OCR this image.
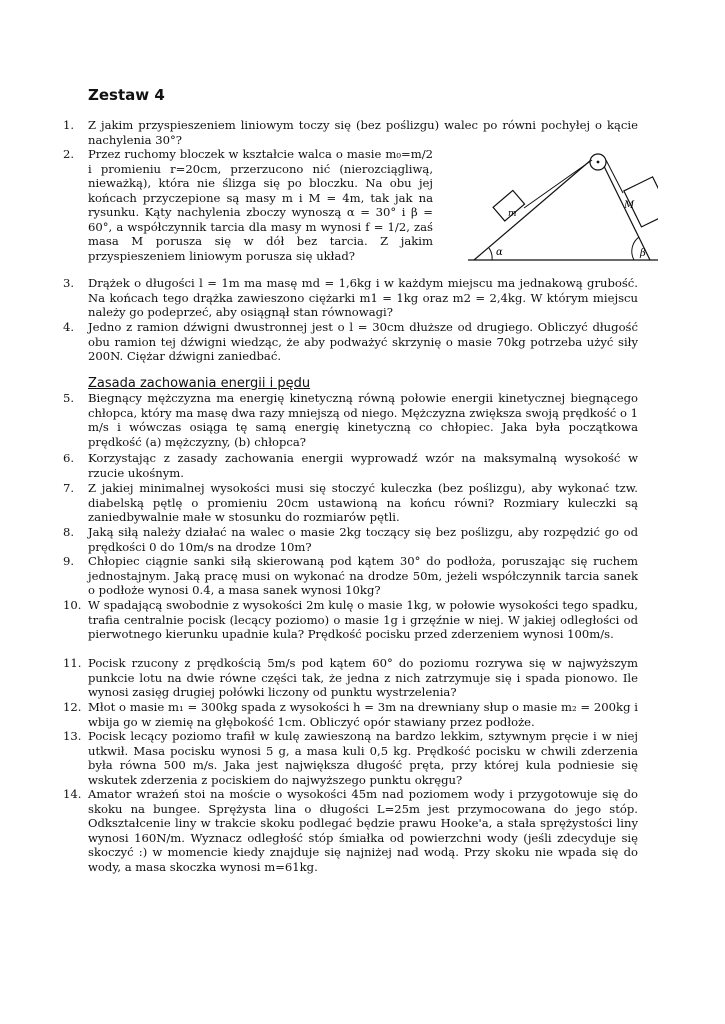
Zestaw 4
1.	Z jakim przyspieszeniem liniowym toczy się (bez poślizgu) walec po równi pochyłej o kącie nachylenia 30°?
2.	Przez ruchomy bloczek w kształcie walca o masie m₀=m/2 i promieniu r=20cm, przerzucono nić (nierozciągliwą, nieważką), która nie ślizga się po bloczku. Na obu jej końcach przyczepione są masy m i M = 4m, tak jak na rysunku. Kąty nachylenia zboczy wynoszą α = 30° i β = 60°, a współczynnik tarcia dla masy m wynosi f = 1/2, zaś masa M porusza się w dół bez tarcia. Z jakim przyspieszeniem liniowym porusza się układ?
m
M
α	β
3.	Drążek o długości l = 1m ma masę md = 1,6kg i w każdym miejscu ma jednakową grubość. Na końcach tego drążka zawieszono ciężarki m1 = 1kg oraz m2 = 2,4kg. W którym miejscu należy go podeprzeć, aby osiągnął stan równowagi?
4.	Jedno z ramion dźwigni dwustronnej jest o l = 30cm dłuższe od drugiego. Obliczyć długość obu ramion tej dźwigni wiedząc, że aby podważyć skrzynię o masie 70kg potrzeba użyć siły 200N. Ciężar dźwigni zaniedbać.
Zasada zachowania energii i pędu
5.	Biegnący mężczyzna ma energię kinetyczną równą połowie energii kinetycznej biegnącego chłopca, który ma masę dwa razy mniejszą od niego. Mężczyzna zwiększa swoją prędkość o 1 m/s i wówczas osiąga tę samą energię kinetyczną co chłopiec. Jaka była początkowa prędkość (a) mężczyzny, (b) chłopca?
6.	Korzystając z zasady zachowania energii wyprowadź wzór na maksymalną wysokość w rzucie ukośnym.
7.	Z jakiej minimalnej wysokości musi się stoczyć kuleczka (bez poślizgu), aby wykonać tzw. diabelską pętlę o promieniu 20cm ustawioną na końcu równi? Rozmiary kuleczki są zaniedbywalnie małe w stosunku do rozmiarów pętli.
8.	Jaką siłą należy działać na walec o masie 2kg toczący się bez poślizgu, aby rozpędzić go od prędkości 0 do 10m/s na drodze 10m?
9.	Chłopiec ciągnie sanki siłą skierowaną pod kątem 30° do podłoża, poruszając się ruchem jednostajnym. Jaką pracę musi on wykonać na drodze 50m, jeżeli współczynnik tarcia sanek o podłoże wynosi 0.4, a masa sanek wynosi 10kg?
10. W spadającą swobodnie z wysokości 2m kulę o masie 1kg, w połowie wysokości tego spadku, trafia centralnie pocisk (lecący poziomo) o masie 1g i grzęźnie w niej. W jakiej odległości od pierwotnego kierunku upadnie kula? Prędkość pocisku przed zderzeniem wynosi 100m/s.
11. Pocisk rzucony z prędkością 5m/s pod kątem 60° do poziomu rozrywa się w najwyższym punkcie lotu na dwie równe części tak, że jedna z nich zatrzymuje się i spada pionowo. Ile wynosi zasięg drugiej połówki liczony od punktu wystrzelenia?
12. Młot o masie m₁ = 300kg spada z wysokości h = 3m na drewniany słup o masie m₂ = 200kg i wbija go w ziemię na głębokość 1cm. Obliczyć opór stawiany przez podłoże.
13. Pocisk lecący poziomo trafił w kulę zawieszoną na bardzo lekkim, sztywnym pręcie i w niej utkwił. Masa pocisku wynosi 5 g, a masa kuli 0,5 kg. Prędkość pocisku w chwili zderzenia była równa 500 m/s. Jaka jest największa długość pręta, przy której kula podniesie się wskutek zderzenia z pociskiem do najwyższego punktu okręgu?
14. Amator wrażeń stoi na moście o wysokości 45m nad poziomem wody i przygotowuje się do skoku na bungee. Sprężysta lina o długości L=25m jest przymocowana do jego stóp. Odkształcenie liny w trakcie skoku podlegać będzie prawu Hooke'a, a stała sprężystości liny wynosi 160N/m. Wyznacz odległość stóp śmiałka od powierzchni wody (jeśli zdecyduje się skoczyć :) w momencie kiedy znajduje się najniżej nad wodą. Przy skoku nie wpada się do wody, a masa skoczka wynosi m=61kg.
